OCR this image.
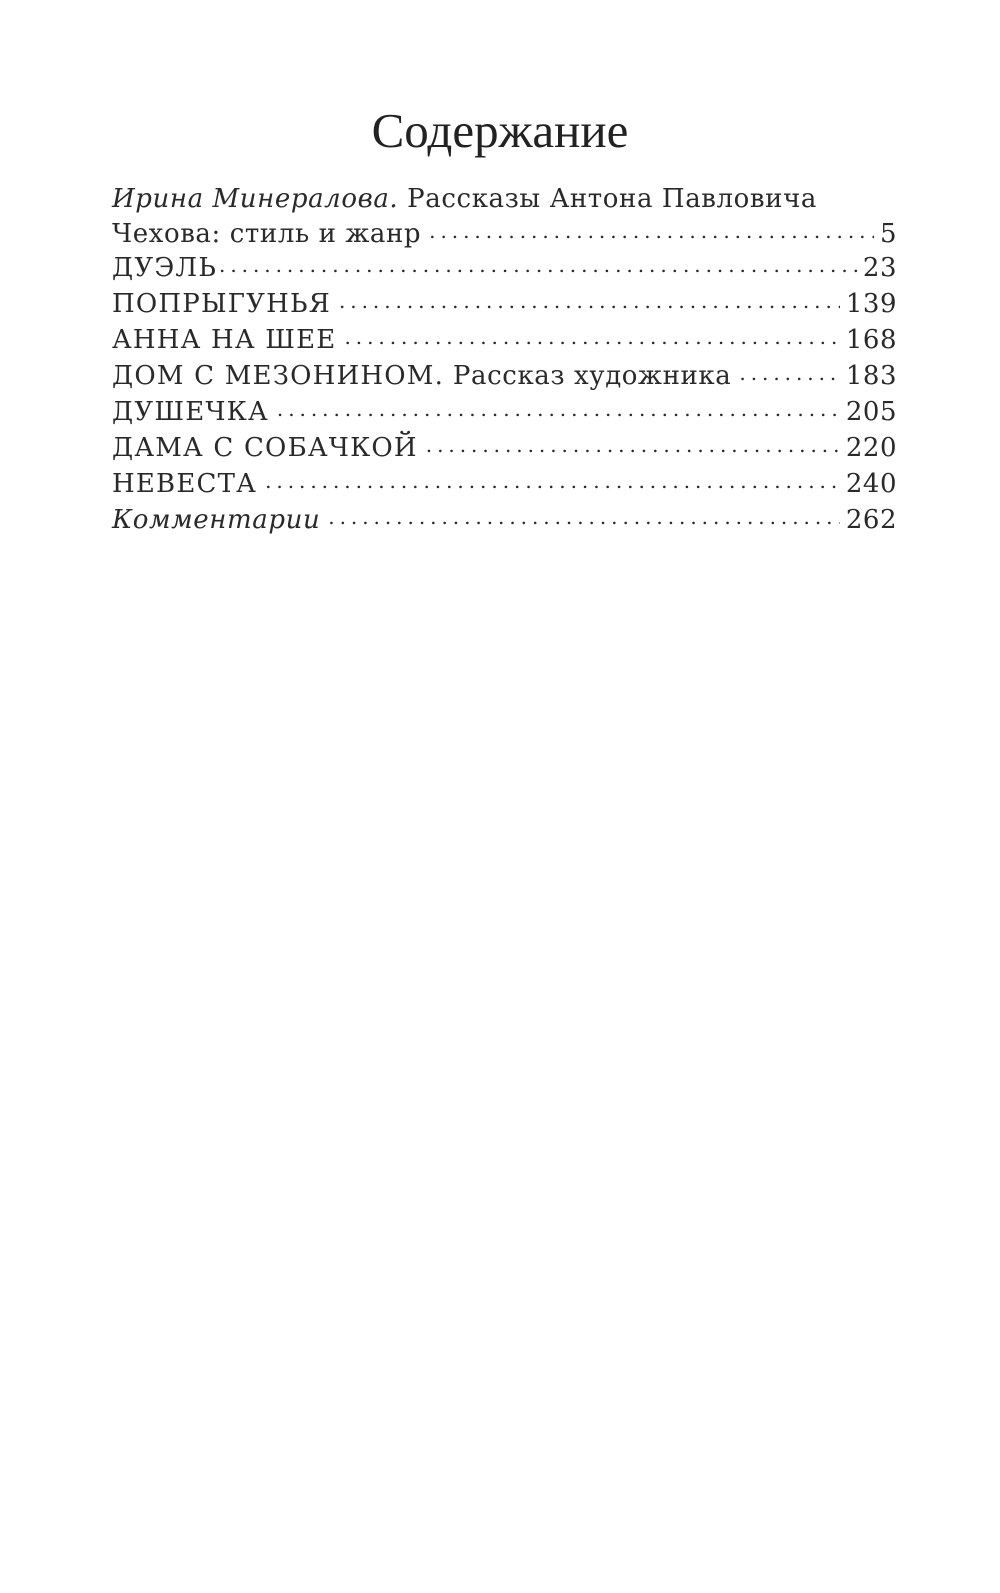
Содержание
Ирина Минералова. Рассказы Антона Павловича
Чехова: стиль и жанр . . .	5
ДУЭЛЬ . . .	23
ПОПРЫГУНЬЯ . . .	139
АННА НА ШЕЕ . . .	168
ДОМ С МЕЗОНИНОМ. Рассказ художника . . .	183
ДУШЕЧКА . . .	205
ДАМА С СОБАЧКОЙ . . .	220
НЕВЕСТА . . .	240
Комментарии . . .	262
